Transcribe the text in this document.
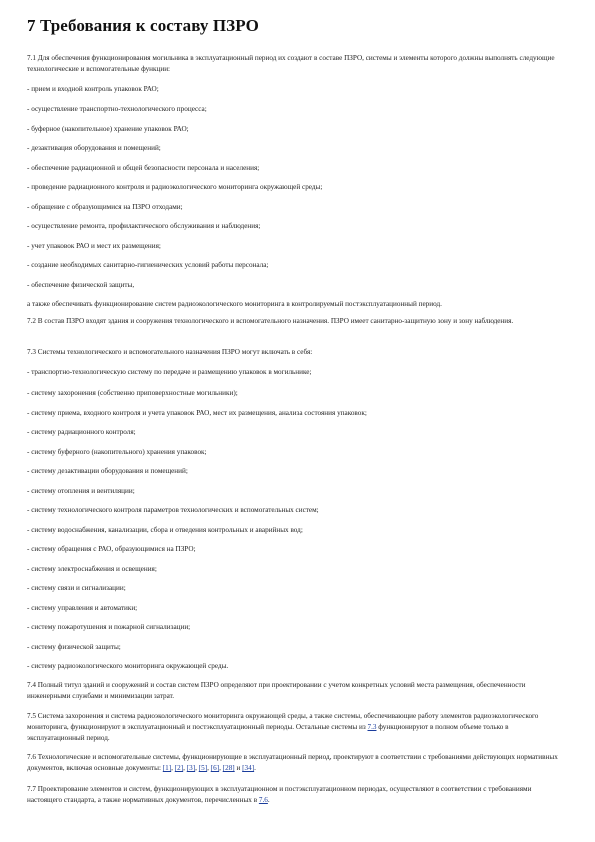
7 Требования к составу ПЗРО

7.1 Для обеспечения функционирования могильника в эксплуатационный период их создают в составе ПЗРО, системы и элементы которого должны выполнять следующие технологические и вспомогательные функции:

- прием и входной контроль упаковок РАО;

- осуществление транспортно-технологического процесса;

- буферное (накопительное) хранение упаковок РАО;

- дезактивация оборудования и помещений;

- обеспечение радиационной и общей безопасности персонала и населения;

- проведение радиационного контроля и радиоэкологического мониторинга окружающей среды;

- обращение с образующимися на ПЗРО отходами;

- осуществление ремонта, профилактического обслуживания и наблюдения;

- учет упаковок РАО и мест их размещения;

- создание необходимых санитарно-гигиенических условий работы персонала;

- обеспечение физической защиты,

а также обеспечивать функционирование систем радиоэкологического мониторинга в контролируемый постэксплуатационный период.

7.2 В состав ПЗРО входят здания и сооружения технологического и вспомогательного назначения. ПЗРО имеет санитарно-защитную зону и зону наблюдения.

7.3 Системы технологического и вспомогательного назначения ПЗРО могут включать в себя:

- транспортно-технологическую систему по передаче и размещению упаковок в могильнике;

- систему захоронения (собственно приповерхностные могильники);

- систему приема, входного контроля и учета упаковок РАО, мест их размещения, анализа состояния упаковок;

- систему радиационного контроля;

- систему буферного (накопительного) хранения упаковок;

- систему дезактивации оборудования и помещений;

- систему отопления и вентиляции;

- систему технологического контроля параметров технологических и вспомогательных систем;

- систему водоснабжения, канализации, сбора и отведения контрольных и аварийных вод;

- систему обращения с РАО, образующимися на ПЗРО;

- систему электроснабжения и освещения;

- систему связи и сигнализации;

- систему управления и автоматики;

- систему пожаротушения и пожарной сигнализации;

- систему физической защиты;

- систему радиоэкологического мониторинга окружающей среды.

7.4 Полный титул зданий и сооружений и состав систем ПЗРО определяют при проектировании с учетом конкретных условий места размещения, обеспеченности инженерными службами и минимизации затрат.

7.5 Система захоронения и система радиоэкологического мониторинга окружающей среды, а также системы, обеспечивающие работу элементов радиоэкологического мониторинга, функционируют в эксплуатационный и постэксплуатационный периоды. Остальные системы из 7.3 функционируют в полном объеме только в эксплуатационный период.

7.6 Технологические и вспомогательные системы, функционирующие в эксплуатационный период, проектируют в соответствии с требованиями действующих нормативных документов, включая основные документы: [1], [2], [3], [5], [6], [28] и [34].

7.7 Проектирование элементов и систем, функционирующих в эксплуатационном и постэксплуатационном периодах, осуществляют в соответствии с требованиями настоящего стандарта, а также нормативных документов, перечисленных в 7.6.
